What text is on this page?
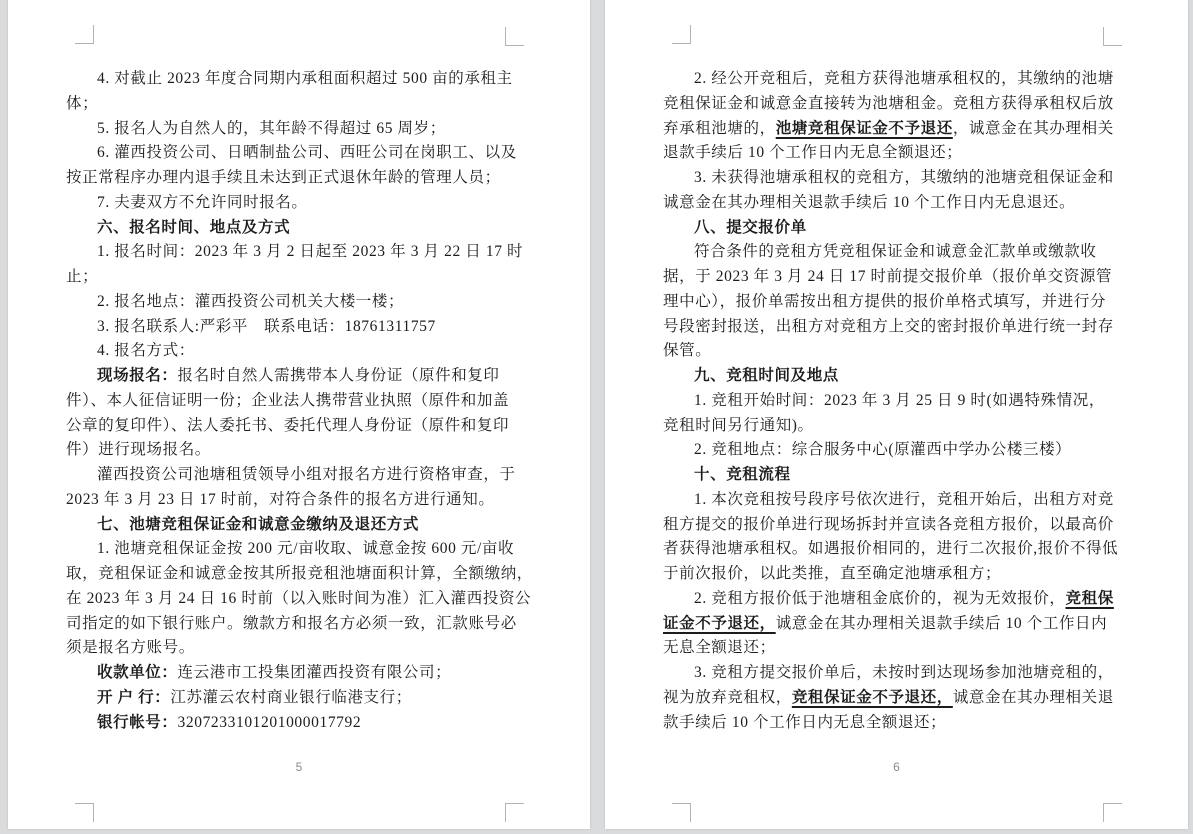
4. 对截止 2023 年度合同期内承租面积超过 500 亩的承租主
体；
5. 报名人为自然人的，其年龄不得超过 65 周岁；
6. 灌西投资公司、日晒制盐公司、西旺公司在岗职工、以及
按正常程序办理内退手续且未达到正式退休年龄的管理人员；
7. 夫妻双方不允许同时报名。
六、报名时间、地点及方式
1. 报名时间：2023 年 3 月 2 日起至 2023 年 3 月 22 日 17 时
止；
2. 报名地点：灌西投资公司机关大楼一楼；
3. 报名联系人:严彩平　联系电话：18761311757
4. 报名方式：
现场报名：报名时自然人需携带本人身份证（原件和复印
件）、本人征信证明一份；企业法人携带营业执照（原件和加盖
公章的复印件）、法人委托书、委托代理人身份证（原件和复印
件）进行现场报名。
灌西投资公司池塘租赁领导小组对报名方进行资格审查，于
2023 年 3 月 23 日 17 时前，对符合条件的报名方进行通知。
七、池塘竞租保证金和诚意金缴纳及退还方式
1. 池塘竞租保证金按 200 元/亩收取、诚意金按 600 元/亩收
取，竞租保证金和诚意金按其所报竞租池塘面积计算，全额缴纳，
在 2023 年 3 月 24 日 16 时前（以入账时间为准）汇入灌西投资公
司指定的如下银行账户。缴款方和报名方必须一致，汇款账号必
须是报名方账号。
收款单位：连云港市工投集团灌西投资有限公司；
开 户 行：江苏灌云农村商业银行临港支行；
银行帐号：3207233101201000017792
5
2. 经公开竞租后，竞租方获得池塘承租权的，其缴纳的池塘
竞租保证金和诚意金直接转为池塘租金。竞租方获得承租权后放
弃承租池塘的，池塘竞租保证金不予退还，诚意金在其办理相关
退款手续后 10 个工作日内无息全额退还；
3. 未获得池塘承租权的竞租方，其缴纳的池塘竞租保证金和
诚意金在其办理相关退款手续后 10 个工作日内无息退还。
八、提交报价单
符合条件的竞租方凭竞租保证金和诚意金汇款单或缴款收
据，于 2023 年 3 月 24 日 17 时前提交报价单（报价单交资源管
理中心），报价单需按出租方提供的报价单格式填写，并进行分
号段密封报送，出租方对竞租方上交的密封报价单进行统一封存
保管。
九、竞租时间及地点
1. 竞租开始时间：2023 年 3 月 25 日 9 时(如遇特殊情况，
竞租时间另行通知)。
2. 竞租地点：综合服务中心(原灌西中学办公楼三楼）
十、竞租流程
1. 本次竞租按号段序号依次进行，竞租开始后，出租方对竞
租方提交的报价单进行现场拆封并宣读各竞租方报价，以最高价
者获得池塘承租权。如遇报价相同的，进行二次报价,报价不得低
于前次报价，以此类推，直至确定池塘承租方；
2. 竞租方报价低于池塘租金底价的，视为无效报价，竞租保
证金不予退还，诚意金在其办理相关退款手续后 10 个工作日内
无息全额退还；
3. 竞租方提交报价单后，未按时到达现场参加池塘竞租的，
视为放弃竞租权，竞租保证金不予退还，诚意金在其办理相关退
款手续后 10 个工作日内无息全额退还；
6
